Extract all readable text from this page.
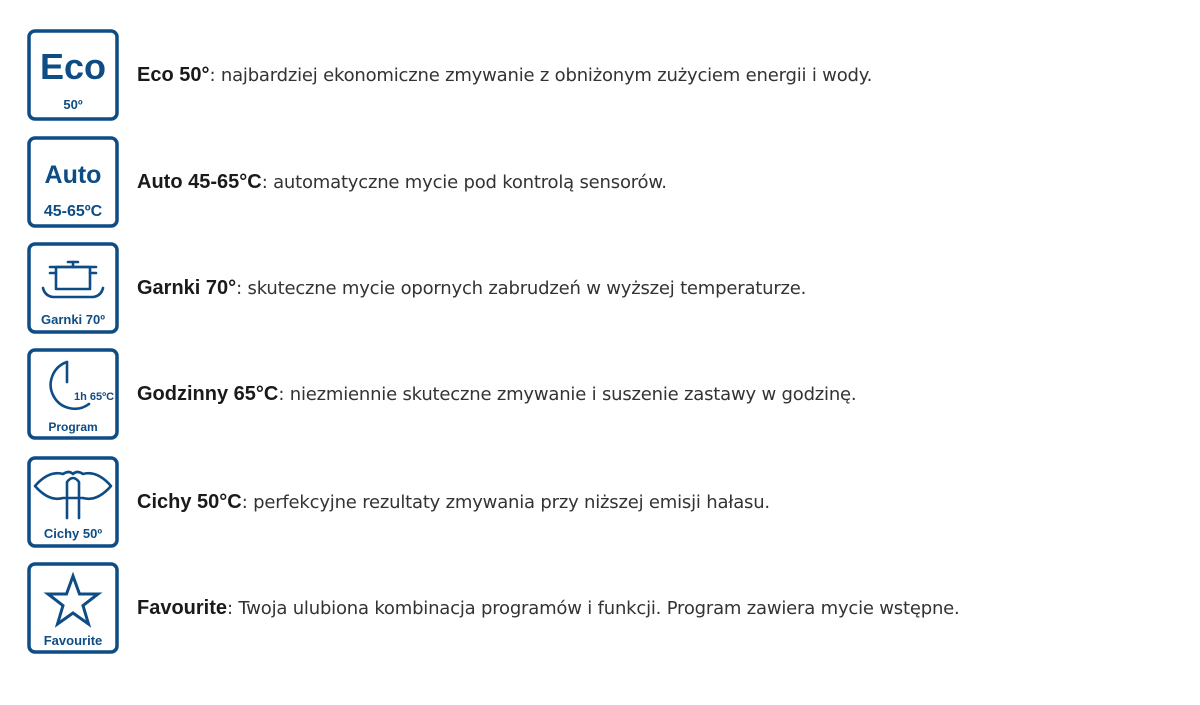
Eco
50º
Eco 50°: najbardziej ekonomiczne zmywanie z obniżonym zużyciem energii i wody.
Auto
45-65ºC
Auto 45-65°C: automatyczne mycie pod kontrolą sensorów.
Garnki 70º
Garnki 70°: skuteczne mycie opornych zabrudzeń w wyższej temperaturze.
1h 65ºC
Program
Godzinny 65°C: niezmiennie skuteczne zmywanie i suszenie zastawy w godzinę.
Cichy 50º
Cichy 50°C: perfekcyjne rezultaty zmywania przy niższej emisji hałasu.
Favourite
Favourite: Twoja ulubiona kombinacja programów i funkcji. Program zawiera mycie wstępne.
